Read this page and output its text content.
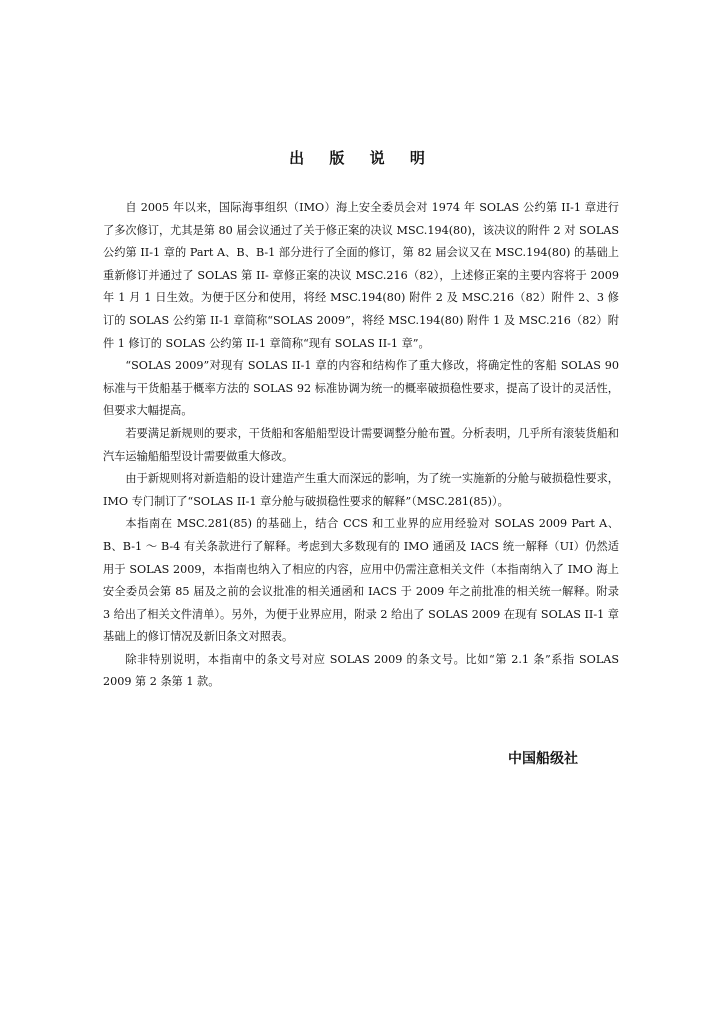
出 版 说 明

自 2005 年以来，国际海事组织（IMO）海上安全委员会对 1974 年 SOLAS 公约第 II-1 章进行了多次修订，尤其是第 80 届会议通过了关于修正案的决议 MSC.194(80)，该决议的附件 2 对 SOLAS 公约第 II-1 章的 Part A、B、B-1 部分进行了全面的修订，第 82 届会议又在 MSC.194(80) 的基础上重新修订并通过了 SOLAS 第 II- 章修正案的决议 MSC.216（82），上述修正案的主要内容将于 2009 年 1 月 1 日生效。为便于区分和使用，将经 MSC.194(80) 附件 2 及 MSC.216（82）附件 2、3 修订的 SOLAS 公约第 II-1 章简称“SOLAS 2009”，将经 MSC.194(80) 附件 1 及 MSC.216（82）附件 1 修订的 SOLAS 公约第 II-1 章简称“现有 SOLAS II-1 章”。

“SOLAS 2009”对现有 SOLAS II-1 章的内容和结构作了重大修改，将确定性的客船 SOLAS 90 标准与干货船基于概率方法的 SOLAS 92 标准协调为统一的概率破损稳性要求，提高了设计的灵活性，但要求大幅提高。

若要满足新规则的要求，干货船和客船船型设计需要调整分舱布置。分析表明，几乎所有滚装货船和汽车运输船船型设计需要做重大修改。

由于新规则将对新造船的设计建造产生重大而深远的影响，为了统一实施新的分舱与破损稳性要求，IMO 专门制订了“SOLAS II-1 章分舱与破损稳性要求的解释”（MSC.281(85)）。

本指南在 MSC.281(85) 的基础上，结合 CCS 和工业界的应用经验对 SOLAS 2009 Part A、B、B-1 ～ B-4 有关条款进行了解释。考虑到大多数现有的 IMO 通函及 IACS 统一解释（UI）仍然适用于 SOLAS 2009，本指南也纳入了相应的内容，应用中仍需注意相关文件（本指南纳入了 IMO 海上安全委员会第 85 届及之前的会议批准的相关通函和 IACS 于 2009 年之前批准的相关统一解释。附录 3 给出了相关文件清单）。另外，为便于业界应用，附录 2 给出了 SOLAS 2009 在现有 SOLAS II-1 章基础上的修订情况及新旧条文对照表。

除非特别说明，本指南中的条文号对应 SOLAS 2009 的条文号。比如“第 2.1 条”系指 SOLAS 2009 第 2 条第 1 款。

中国船级社
